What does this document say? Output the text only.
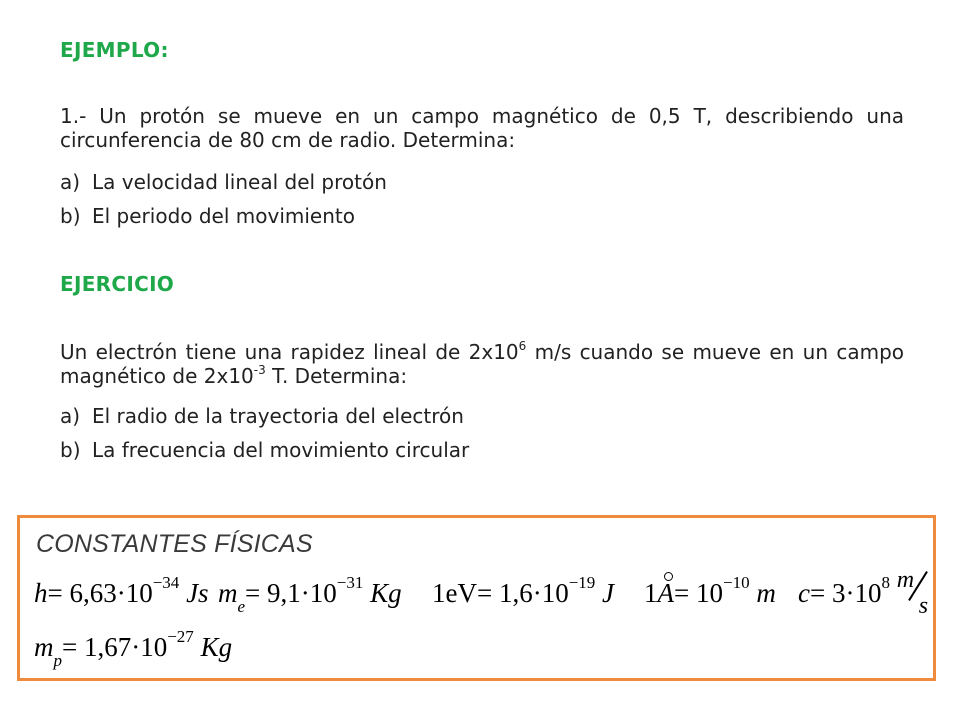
EJEMPLO:
1.- Un protón se mueve en un campo magnético de 0,5 T, describiendo una circunferencia de 80 cm de radio. Determina:
a) La velocidad lineal del protón
b) El periodo del movimiento
EJERCICIO
Un electrón tiene una rapidez lineal de $2x10^6$ m/s cuando se mueve en un campo magnético de $2x10^{-3}$ T. Determina:
a) El radio de la trayectoria del electrón
b) La frecuencia del movimiento circular
CONSTANTES FÍSICAS
$h= 6,63\cdot 10^{-34}$ Js $m_e= 9,1\cdot 10^{-31}$ Kg $1eV= 1,6\cdot 10^{-19}$ J 1A
= $10^{-10}$ m $c= 3\cdot 10^8$ m
s
$m_p= 1,67\cdot 10^{-27}$ Kg
